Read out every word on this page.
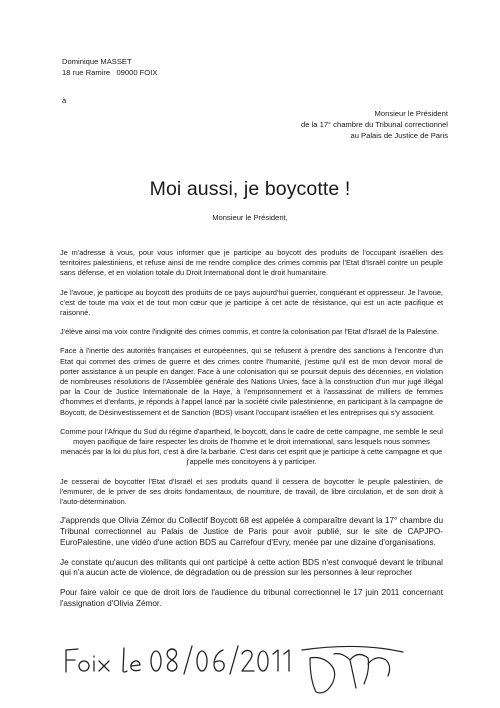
Dominique MASSET
18 rue Ramire   09000 FOIX
à
Monsieur le Président
de la 17° chambre du Tribunal correctionnel
au Palais de Justice de Paris
Moi aussi, je boycotte !
Monsieur le Président,

Je m'adresse à vous, pour vous informer que je participe au boycott des produits de l'occupant israélien des territoires palestiniens, et refuse ainsi de me rendre complice des crimes commis par l'Etat d'Israël contre un peuple sans défense, et en violation totale du Droit International dont le droit humanitaire.

Je l'avoue, je participe au boycott des produits de ce pays aujourd'hui guerrier, conquérant et oppresseur. Je l'avoue, c'est de toute ma voix et de tout mon cœur que je participe à cet acte de résistance, qui est un acte pacifique et raisonné.

J'élève ainsi ma voix contre l'indignité des crimes commis, et contre la colonisation par l'Etat d'Israël de la Palestine.

Face à l'inertie des autorités françaises et européennes, qui se refusent à prendre des sanctions à l'encontre d'un Etat qui commet des crimes de guerre et des crimes contre l'humanité, j'estime qu'il est de mon devoir moral de porter assistance à un peuple en danger. Face à une colonisation qui se poursuit depuis des décennies, en violation de nombreuses résolutions de l'Assemblée générale des Nations Unies, face à la construction d'un mur jugé illégal par la Cour de Justice Internationale de la Haye, à l'emprisonnement et à l'assassinat de milliers de femmes d'hommes et d'enfants, je réponds à l'appel lancé par la société civile palestinienne, en participant à la campagne de Boycott, de Désinvestissement et de Sanction (BDS) visant l'occupant israélien et les entreprises qui s'y associent.

Comme pour l'Afrique du Sud du régime d'apartheid, le boycott, dans le cadre de cette campagne, me semble le seul moyen pacifique de faire respecter les droits de l'homme et le droit international, sans lesquels nous sommes menacés par la loi du plus fort, c'est à dire la barbarie. C'est dans cet esprit que je participe à cette campagne et que j'appelle mes concitoyens à y participer.

Je cesserai de boycotter l'Etat d'Israël et ses produits quand il cessera de boycotter le peuple palestinien, de l'emmurer, de le priver de ses droits fondamentaux, de nourriture, de travail, de libre circulation, et de son droit à l'auto-détermination.

J'apprends que Olivia Zémor du Collectif Boycott 68 est appelée à comparaître devant la 17° chambre du Tribunal correctionnel au Palais de Justice de Paris pour avoir publié, sur le site de CAPJPO-EuroPalestine, une vidéo d'une action BDS au Carrefour d'Evry, menée par une dizaine d'organisations.

Je constate qu'aucun des militants qui ont participé à cette action BDS n'est convoqué devant le tribunal qui n'a aucun acte de violence, de dégradation ou de pression sur les personnes à leur reprocher

Pour faire valoir ce que de droit lors de l'audience du tribunal correctionnel le 17 juin 2011 concernant l'assignation d'Olivia Zémor.
